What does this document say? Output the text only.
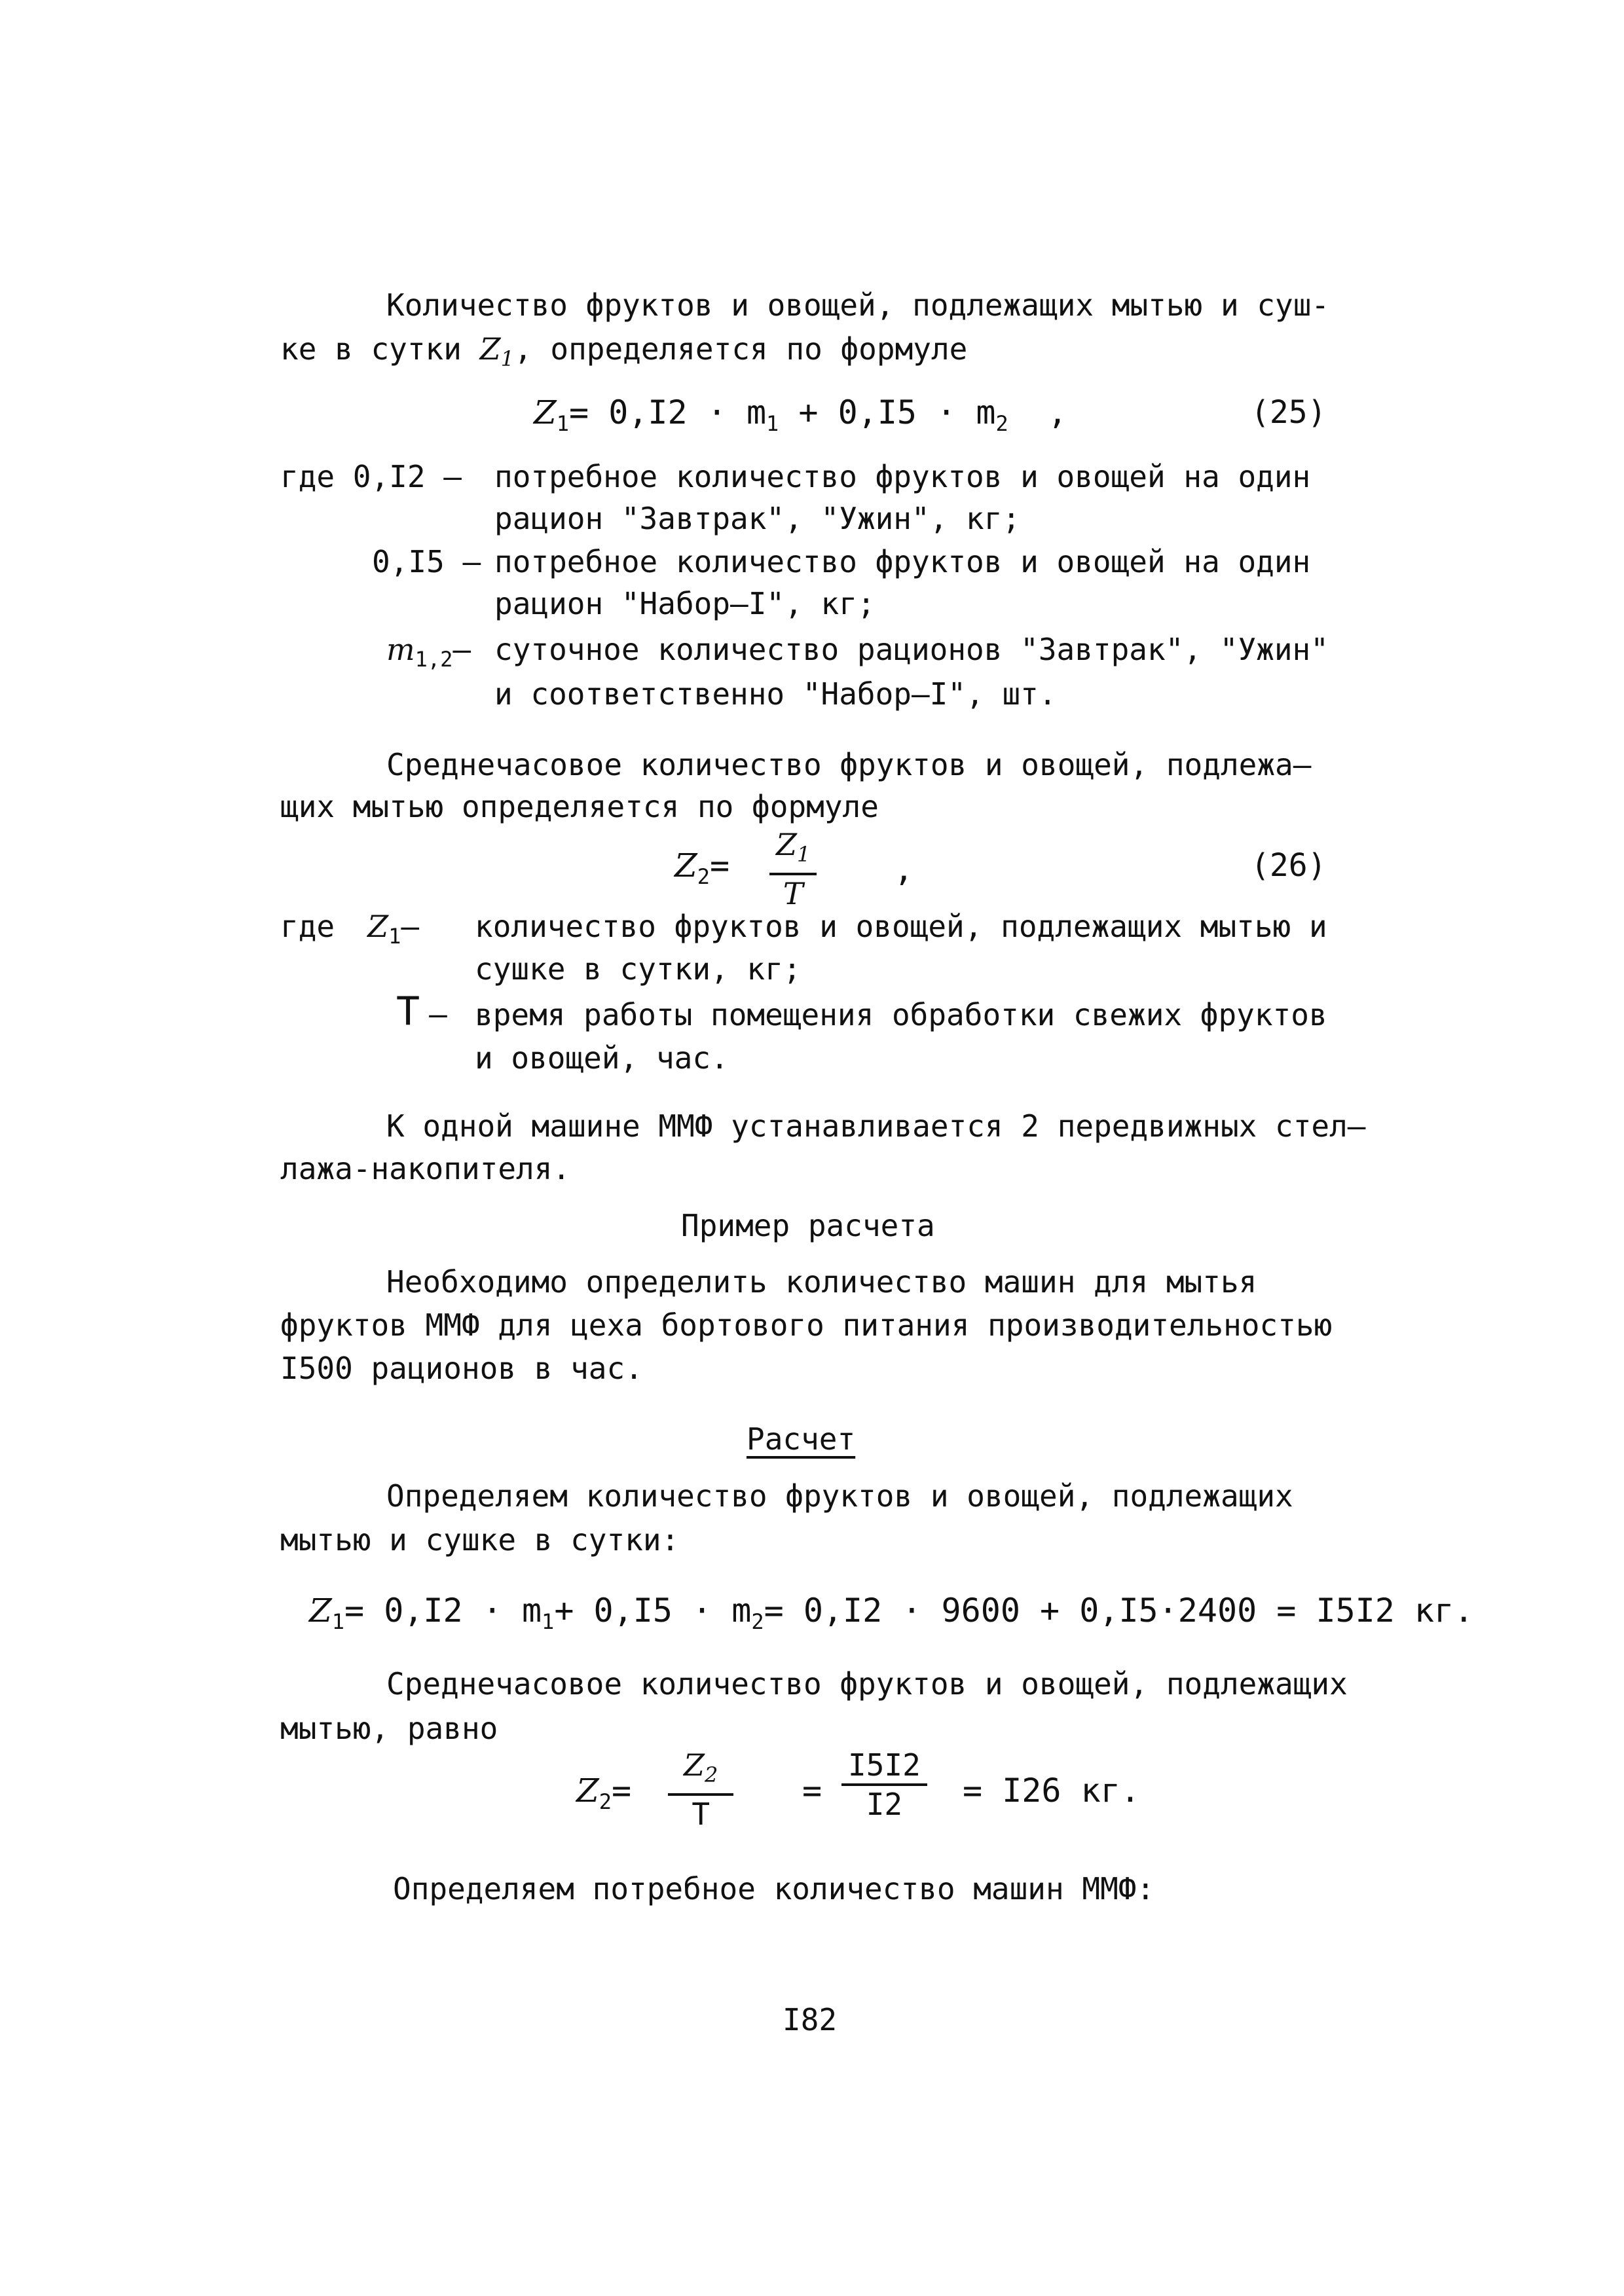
Количество фруктов и овощей, подлежащих мытью и суш-
ке в сутки $Z_1$, определяется по формуле
$Z_1= 0,I2 \cdot m_1 + 0,I5 \cdot m_2$ ,	(25)
где 0,I2 – потребное количество фруктов и овощей на один
рацион "Завтрак", "Ужин", кг;
0,I5 – потребное количество фруктов и овощей на один
рацион "Набор–I", кг;
$m_{1,2}-$ суточное количество рационов "Завтрак", "Ужин"
и соответственно "Набор–I", шт.
Среднечасовое количество фруктов и овощей, подлежа–
щих мытью определяется по формуле
$Z_2=$
$Z_1$
T
,	(26)
где $Z_1-$ количество фруктов и овощей, подлежащих мытью и
сушке в сутки, кг;
T – время работы помещения обработки свежих фруктов
и овощей, час.
К одной машине ММФ устанавливается 2 передвижных стел–
лажа-накопителя.
Пример расчета
Необходимо определить количество машин для мытья
фруктов ММФ для цеха бортового питания производительностью
I500 рационов в час.
Расчет
Определяем количество фруктов и овощей, подлежащих
мытью и сушке в сутки:
$Z_1= 0,I2 \cdot m_1+ 0,I5 \cdot m_2= 0,I2 \cdot 9600 + 0,I5\cdot 2400 = I5I2$ кг.
Среднечасовое количество фруктов и овощей, подлежащих
мытью, равно
$Z_2=$
$Z_2$
T
=
I5I2
I2 = I26 кг.
Определяем потребное количество машин ММФ:
I82
